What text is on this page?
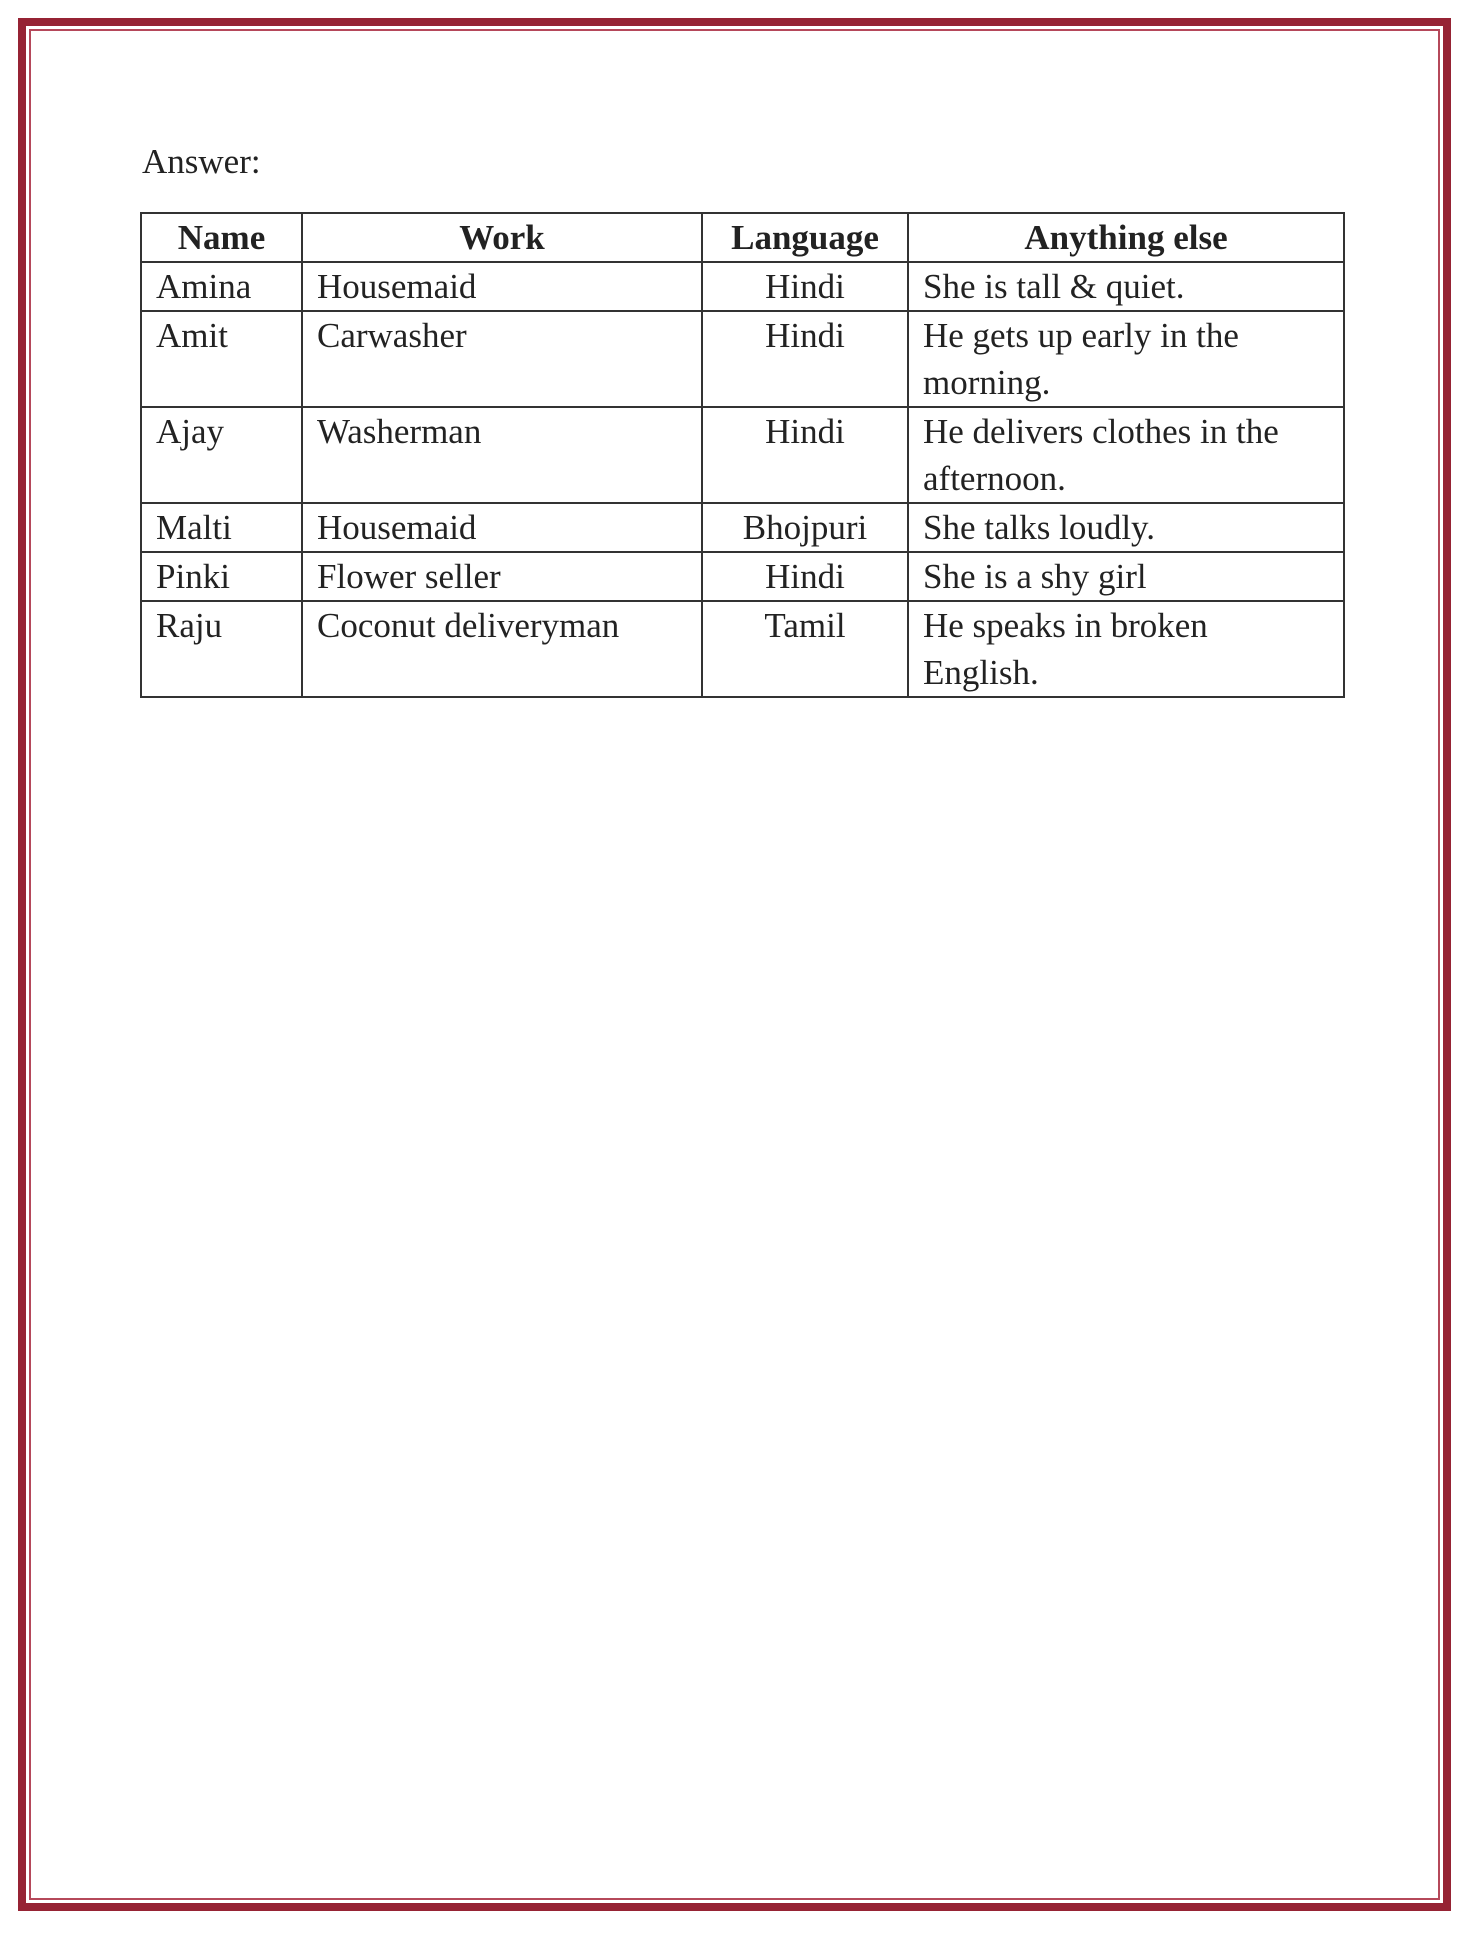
Answer:
Name	Work	Language	Anything else
Amina	Housemaid	Hindi	She is tall & quiet.
Amit	Carwasher	Hindi	He gets up early in the morning.
Ajay	Washerman	Hindi	He delivers clothes in the afternoon.
Malti	Housemaid	Bhojpuri	She talks loudly.
Pinki	Flower seller	Hindi	She is a shy girl
Raju	Coconut deliveryman	Tamil	He speaks in broken English.
